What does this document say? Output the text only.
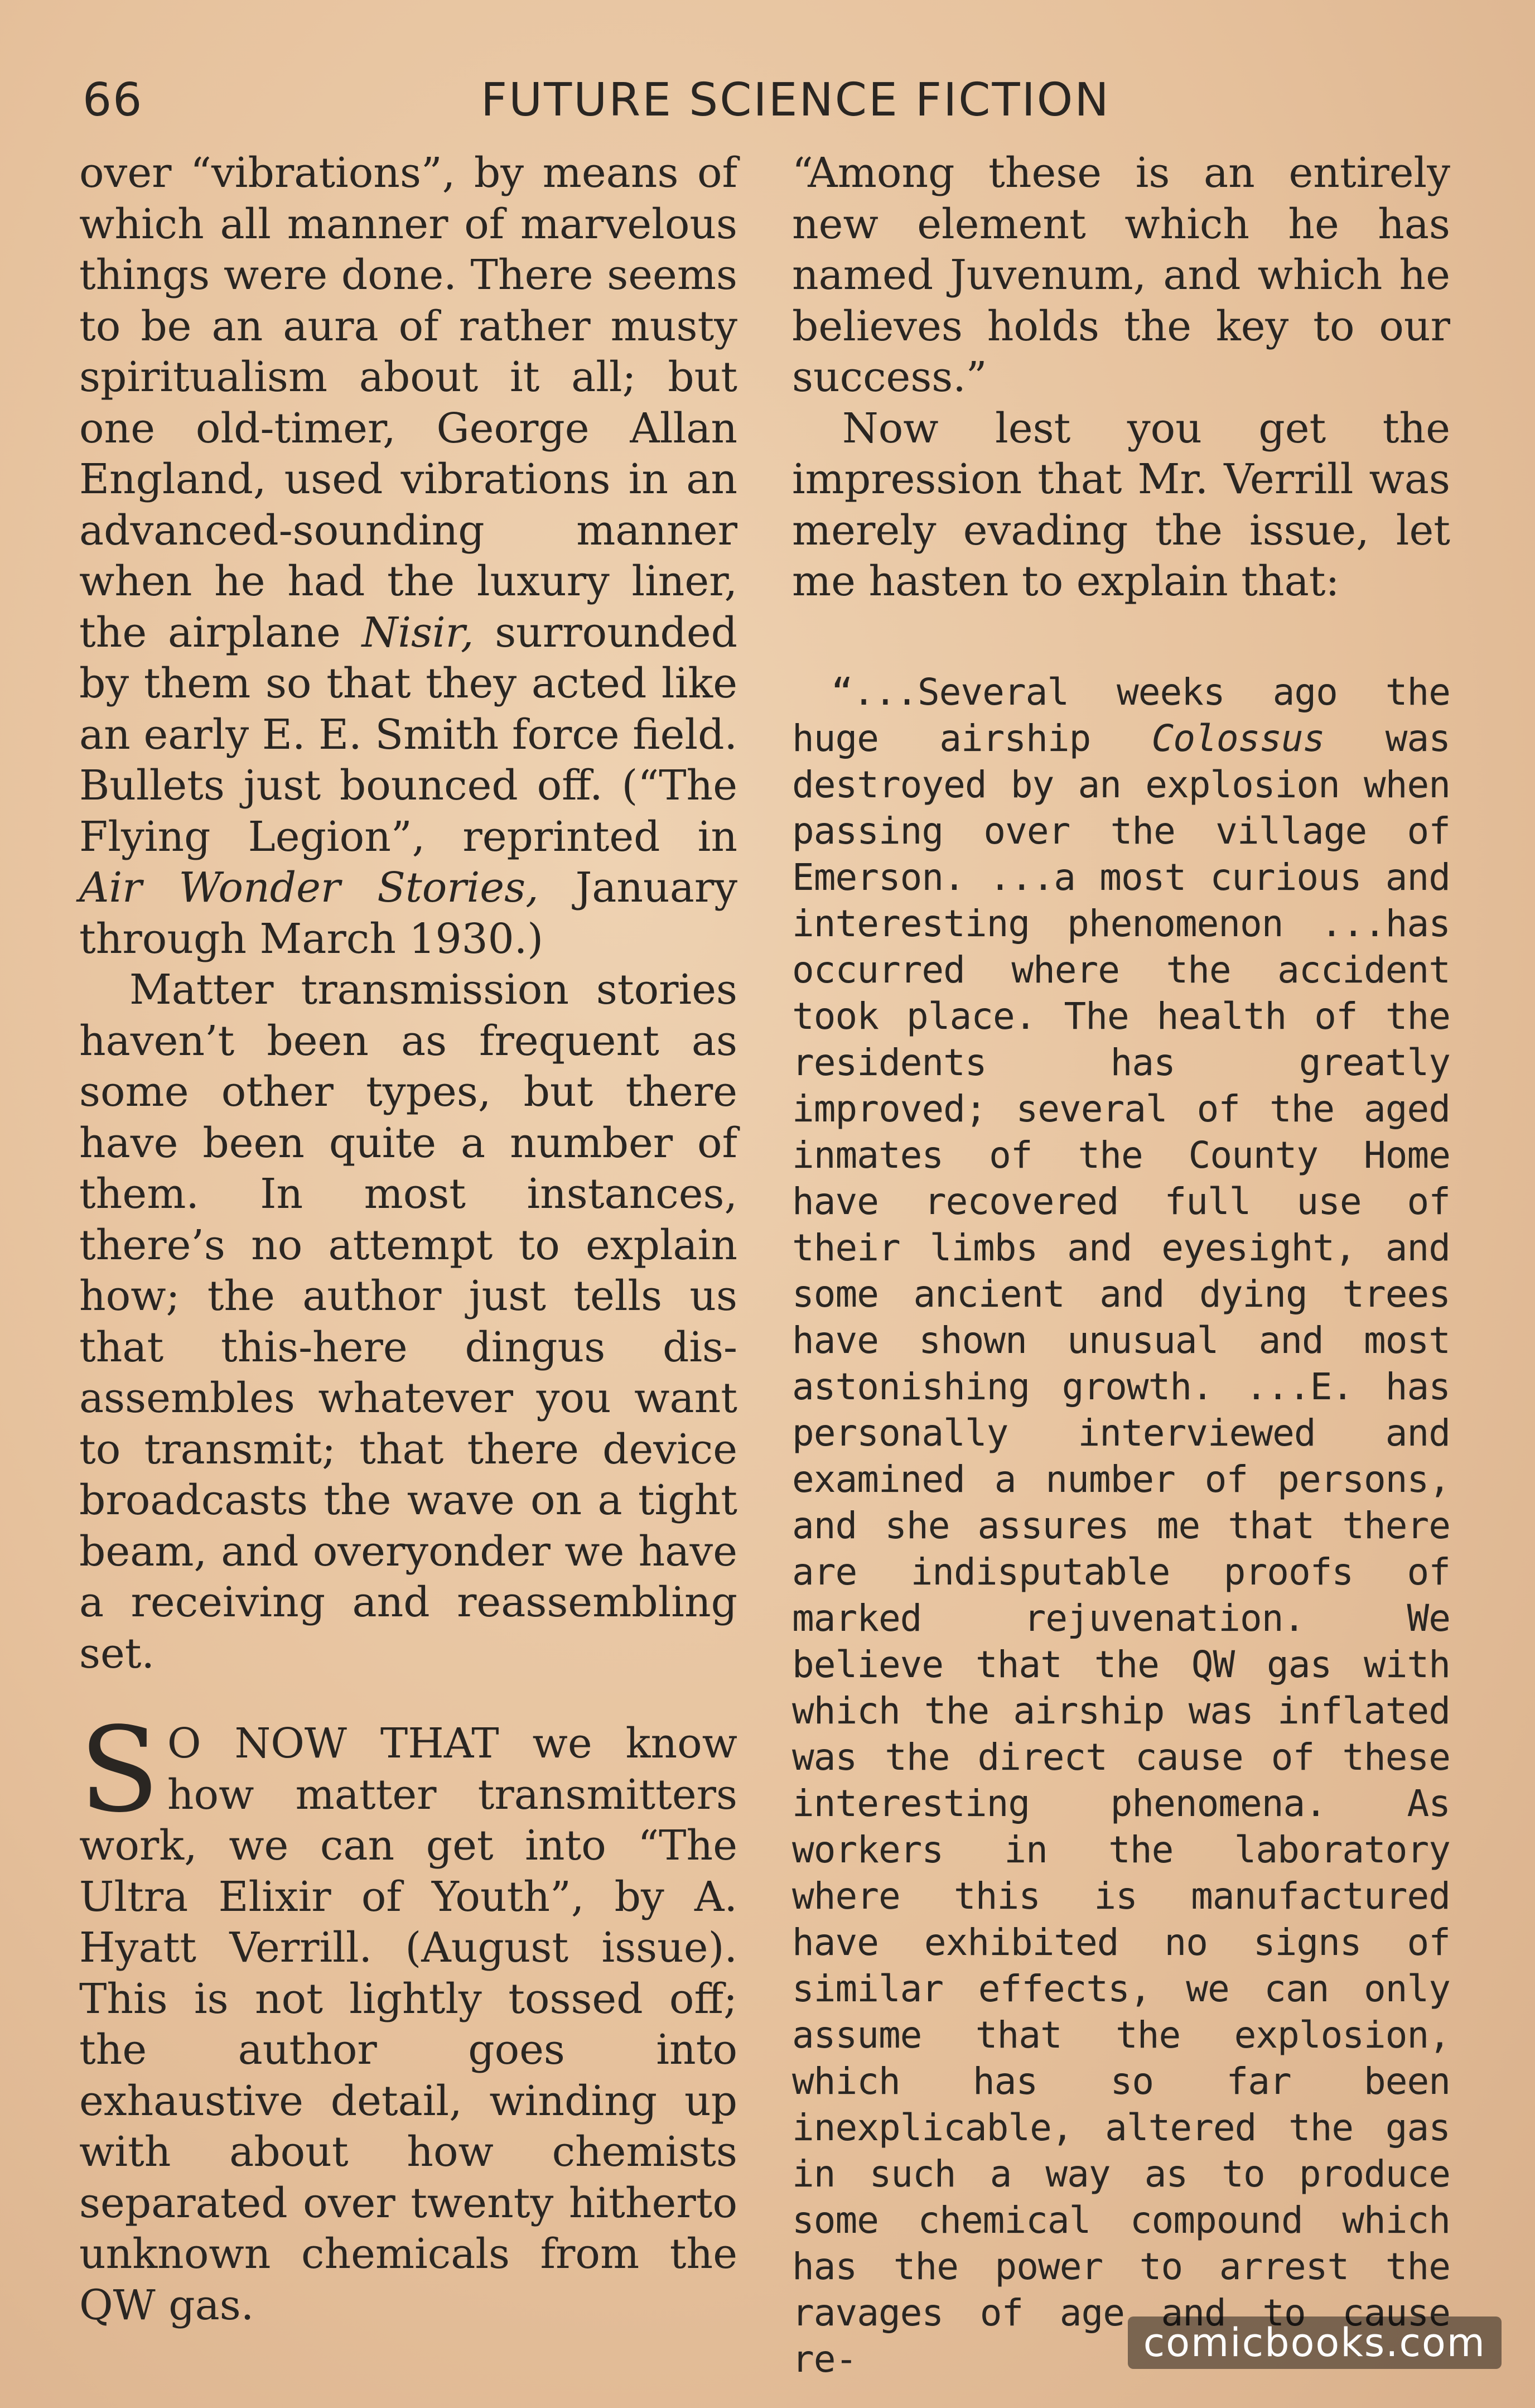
66	FUTURE SCIENCE FICTION

over “vibrations”, by means of which all manner of marvelous things were done. There seems to be an aura of rather musty spiritualism about it all; but one old-timer, George Allan England, used vibrations in an advanced-sounding manner when he had the luxury liner, the airplane Nisir, surrounded by them so that they acted like an early E. E. Smith force field. Bullets just bounced off. (“The Flying Legion”, reprinted in Air Wonder Stories, January through March 1930.)

Matter transmission stories haven’t been as frequent as some other types, but there have been quite a number of them. In most instances, there’s no attempt to explain how; the author just tells us that this-here dingus dis-assembles whatever you want to transmit; that there device broadcasts the wave on a tight beam, and overyonder we have a receiving and reassembling set.

S O NOW THAT we know how matter transmitters work, we can get into “The Ultra Elixir of Youth”, by A. Hyatt Verrill. (August issue). This is not lightly tossed off; the author goes into exhaustive detail, winding up with about how chemists separated over twenty hitherto unknown chemicals from the QW gas.

“Among these is an entirely new element which he has named Juvenum, and which he believes holds the key to our success.”

Now lest you get the impression that Mr. Verrill was merely evading the issue, let me hasten to explain that:

“...Several weeks ago the huge airship Colossus was destroyed by an explosion when passing over the village of Emerson. ...a most curious and interesting phenomenon ...has occurred where the accident took place. The health of the residents has greatly improved; several of the aged inmates of the County Home have recovered full use of their limbs and eyesight, and some ancient and dying trees have shown unusual and most astonishing growth. ...E. has personally interviewed and examined a number of persons, and she assures me that there are indisputable proofs of marked rejuvenation. We believe that the QW gas with which the airship was inflated was the direct cause of these interesting phenomena. As workers in the laboratory where this is manufactured have exhibited no signs of similar effects, we can only assume that the explosion, which has so far been inexplicable, altered the gas in such a way as to produce some chemical compound which has the power to arrest the ravages of age and to cause re-	comicbooks.com
